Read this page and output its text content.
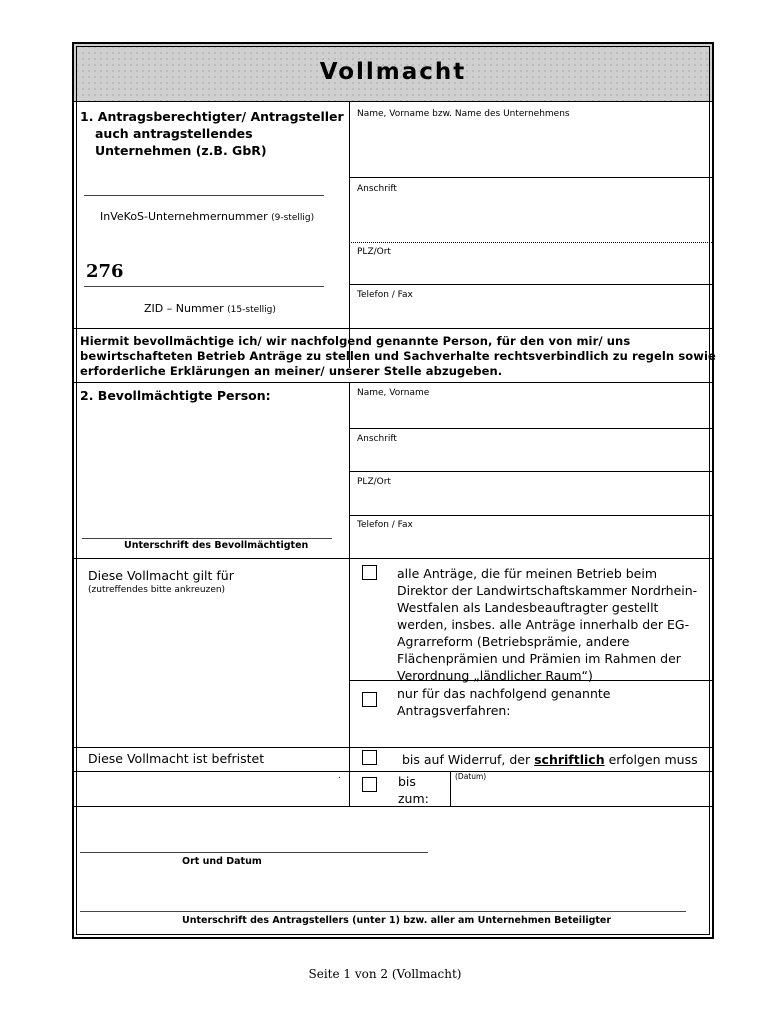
Vollmacht
1. Antragsberechtigter/ Antragsteller
auch antragstellendes
Unternehmen (z.B. GbR)
InVeKoS-Unternehmernummer (9-stellig)
276
ZID – Nummer (15-stellig)
Name, Vorname bzw. Name des Unternehmens
Anschrift
PLZ/Ort
Telefon / Fax
Hiermit bevollmächtige ich/ wir nachfolgend genannte Person, für den von mir/ uns
bewirtschafteten Betrieb Anträge zu stellen und Sachverhalte rechtsverbindlich zu regeln sowie
erforderliche Erklärungen an meiner/ unserer Stelle abzugeben.
2. Bevollmächtigte Person:
Unterschrift des Bevollmächtigten
Name, Vorname
Anschrift
PLZ/Ort
Telefon / Fax
Diese Vollmacht gilt für
(zutreffendes bitte ankreuzen)
alle Anträge, die für meinen Betrieb beim
Direktor der Landwirtschaftskammer Nordrhein-
Westfalen als Landesbeauftragter gestellt
werden, insbes. alle Anträge innerhalb der EG-
Agrarreform (Betriebsprämie, andere
Flächenprämien und Prämien im Rahmen der
Verordnung „ländlicher Raum“)
nur für das nachfolgend genannte
Antragsverfahren:
Diese Vollmacht ist befristet	bis auf Widerruf, der schriftlich erfolgen muss
.	bis
zum:
(Datum)
Ort und Datum
Unterschrift des Antragstellers (unter 1) bzw. aller am Unternehmen Beteiligter
Seite 1 von 2 (Vollmacht)
